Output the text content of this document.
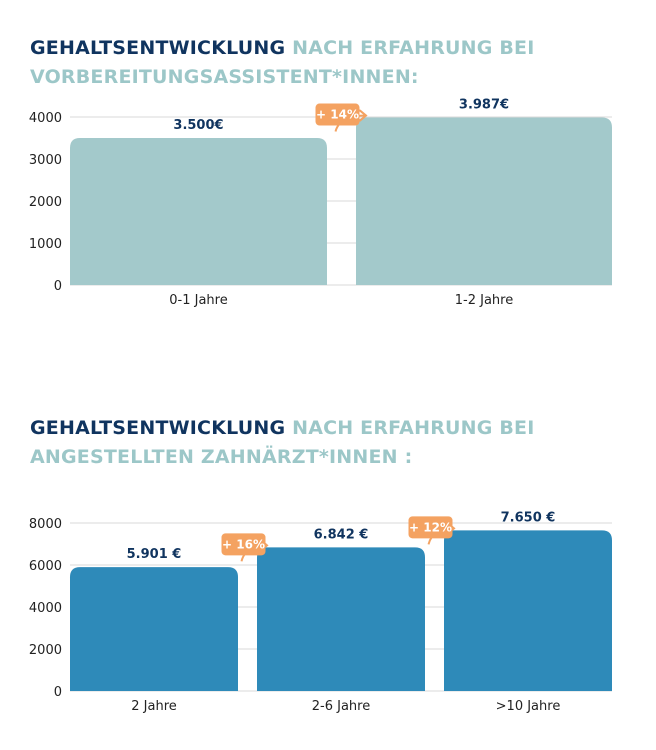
GEHALTSENTWICKLUNG NACH ERFAHRUNG BEI VORBEREITUNGSASSISTENT*INNEN:
0
1000
2000
3000
4000	3.500€
0-1 Jahre
3.987€
1-2 Jahre
+ 14%
GEHALTSENTWICKLUNG NACH ERFAHRUNG BEI ANGESTELLTEN ZAHNÄRZT*INNEN :
0
2000
4000
6000
8000
5.901 €
2 Jahre
6.842 €
2-6 Jahre
7.650 €
>10 Jahre
+ 16%
+ 12%
